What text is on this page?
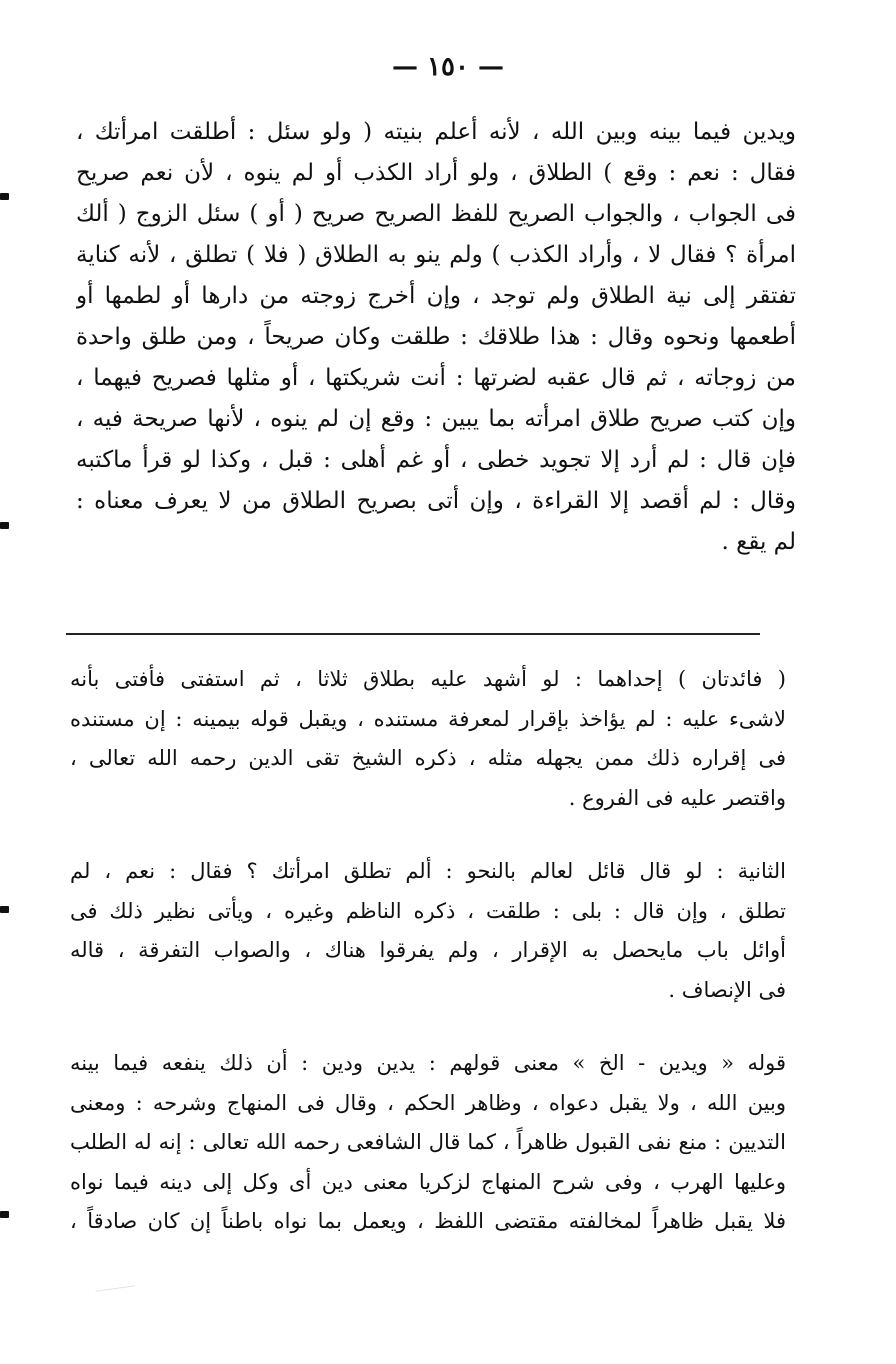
— ١٥٠ —
ويدين فيما بينه وبين الله ، لأنه أعلم بنيته ( ولو سئل : أطلقت امرأتك ،
فقال : نعم : وقع ) الطلاق ، ولو أراد الكذب أو لم ينوه ، لأن نعم صريح
فى الجواب ، والجواب الصريح للفظ الصريح صريح ( أو ) سئل الزوج ( ألك
امرأة ؟ فقال لا ، وأراد الكذب ) ولم ينو به الطلاق ( فلا ) تطلق ، لأنه كناية
تفتقر إلى نية الطلاق ولم توجد ، وإن أخرج زوجته من دارها أو لطمها أو
أطعمها ونحوه وقال : هذا طلاقك : طلقت وكان صريحاً ، ومن طلق واحدة
من زوجاته ، ثم قال عقبه لضرتها : أنت شريكتها ، أو مثلها فصريح فيهما ،
وإن كتب صريح طلاق امرأته بما يبين : وقع إن لم ينوه ، لأنها صريحة فيه ،
فإن قال : لم أرد إلا تجويد خطى ، أو غم أهلى : قبل ، وكذا لو قرأ ماكتبه
وقال : لم أقصد إلا القراءة ، وإن أتى بصريح الطلاق من لا يعرف معناه :
لم يقع .
( فائدتان ) إحداهما : لو أشهد عليه بطلاق ثلاثا ، ثم استفتى فأفتى بأنه
لاشىء عليه : لم يؤاخذ بإقرار لمعرفة مستنده ، ويقبل قوله بيمينه : إن مستنده
فى إقراره ذلك ممن يجهله مثله ، ذكره الشيخ تقى الدين رحمه الله تعالى ،
واقتصر عليه فى الفروع .
الثانية : لو قال قائل لعالم بالنحو : ألم تطلق امرأتك ؟ فقال : نعم ، لم
تطلق ، وإن قال : بلى : طلقت ، ذكره الناظم وغيره ، ويأتى نظير ذلك فى
أوائل باب مايحصل به الإقرار ، ولم يفرقوا هناك ، والصواب التفرقة ، قاله
فى الإنصاف .
قوله « ويدين - الخ » معنى قولهم : يدين ودين : أن ذلك ينفعه فيما بينه
وبين الله ، ولا يقبل دعواه ، وظاهر الحكم ، وقال فى المنهاج وشرحه : ومعنى
التديين : منع نفى القبول ظاهراً ، كما قال الشافعى رحمه الله تعالى : إنه له الطلب
وعليها الهرب ، وفى شرح المنهاج لزكريا معنى دين أى وكل إلى دينه فيما نواه
فلا يقبل ظاهراً لمخالفته مقتضى اللفظ ، ويعمل بما نواه باطناً إن كان صادقاً ،
